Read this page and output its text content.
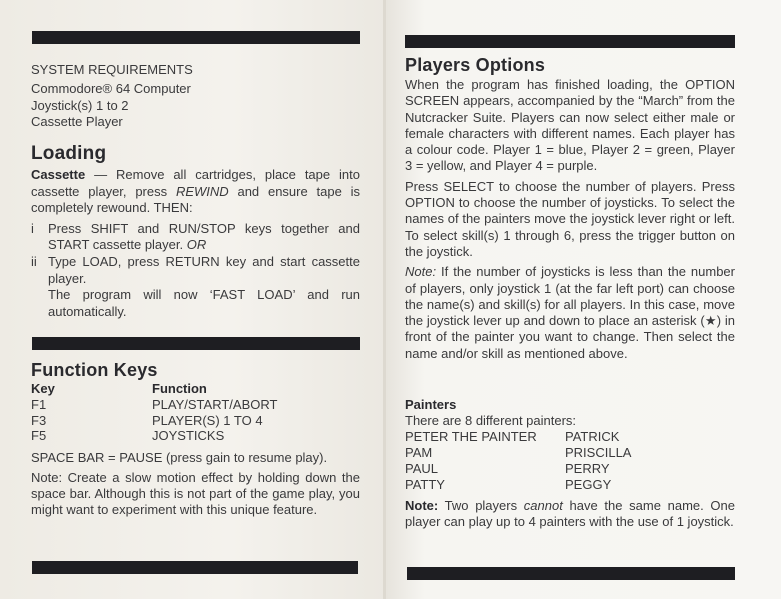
SYSTEM REQUIREMENTS

Commodore® 64 Computer

Joystick(s) 1 to 2

Cassette Player

Loading

Cassette — Remove all cartridges, place tape into cassette player, press REWIND and ensure tape is completely rewound. THEN:

i	Press SHIFT and RUN/STOP keys together and START cassette player. OR
ii Type LOAD, press RETURN key and start cassette player.
The program will now ‘FAST LOAD’ and run automatically.
Function Keys
Key	Function
F1	PLAY/START/ABORT
F3	PLAYER(S) 1 TO 4
F5	JOYSTICKS

SPACE BAR = PAUSE (press gain to resume play).

Note: Create a slow motion effect by holding down the space bar. Although this is not part of the game play, you might want to experiment with this unique feature.

Players Options

When the program has finished loading, the OPTION SCREEN appears, accompanied by the “March” from the Nutcracker Suite. Players can now select either male or female characters with different names. Each player has a colour code. Player 1 = blue, Player 2 = green, Player 3 = yellow, and Player 4 = purple.

Press SELECT to choose the number of players. Press OPTION to choose the number of joysticks. To select the names of the painters move the joystick lever right or left. To select skill(s) 1 through 6, press the trigger button on the joystick.

Note: If the number of joysticks is less than the number of players, only joystick 1 (at the far left port) can choose the name(s) and skill(s) for all players. In this case, move the joystick lever up and down to place an asterisk (★) in front of the painter you want to change. Then select the name and/or skill as mentioned above.

Painters

There are 8 different painters:

PETER THE PAINTER	PATRICK
PAM	PRISCILLA
PAUL	PERRY
PATTY	PEGGY

Note: Two players cannot have the same name. One player can play up to 4 painters with the use of 1 joystick.
